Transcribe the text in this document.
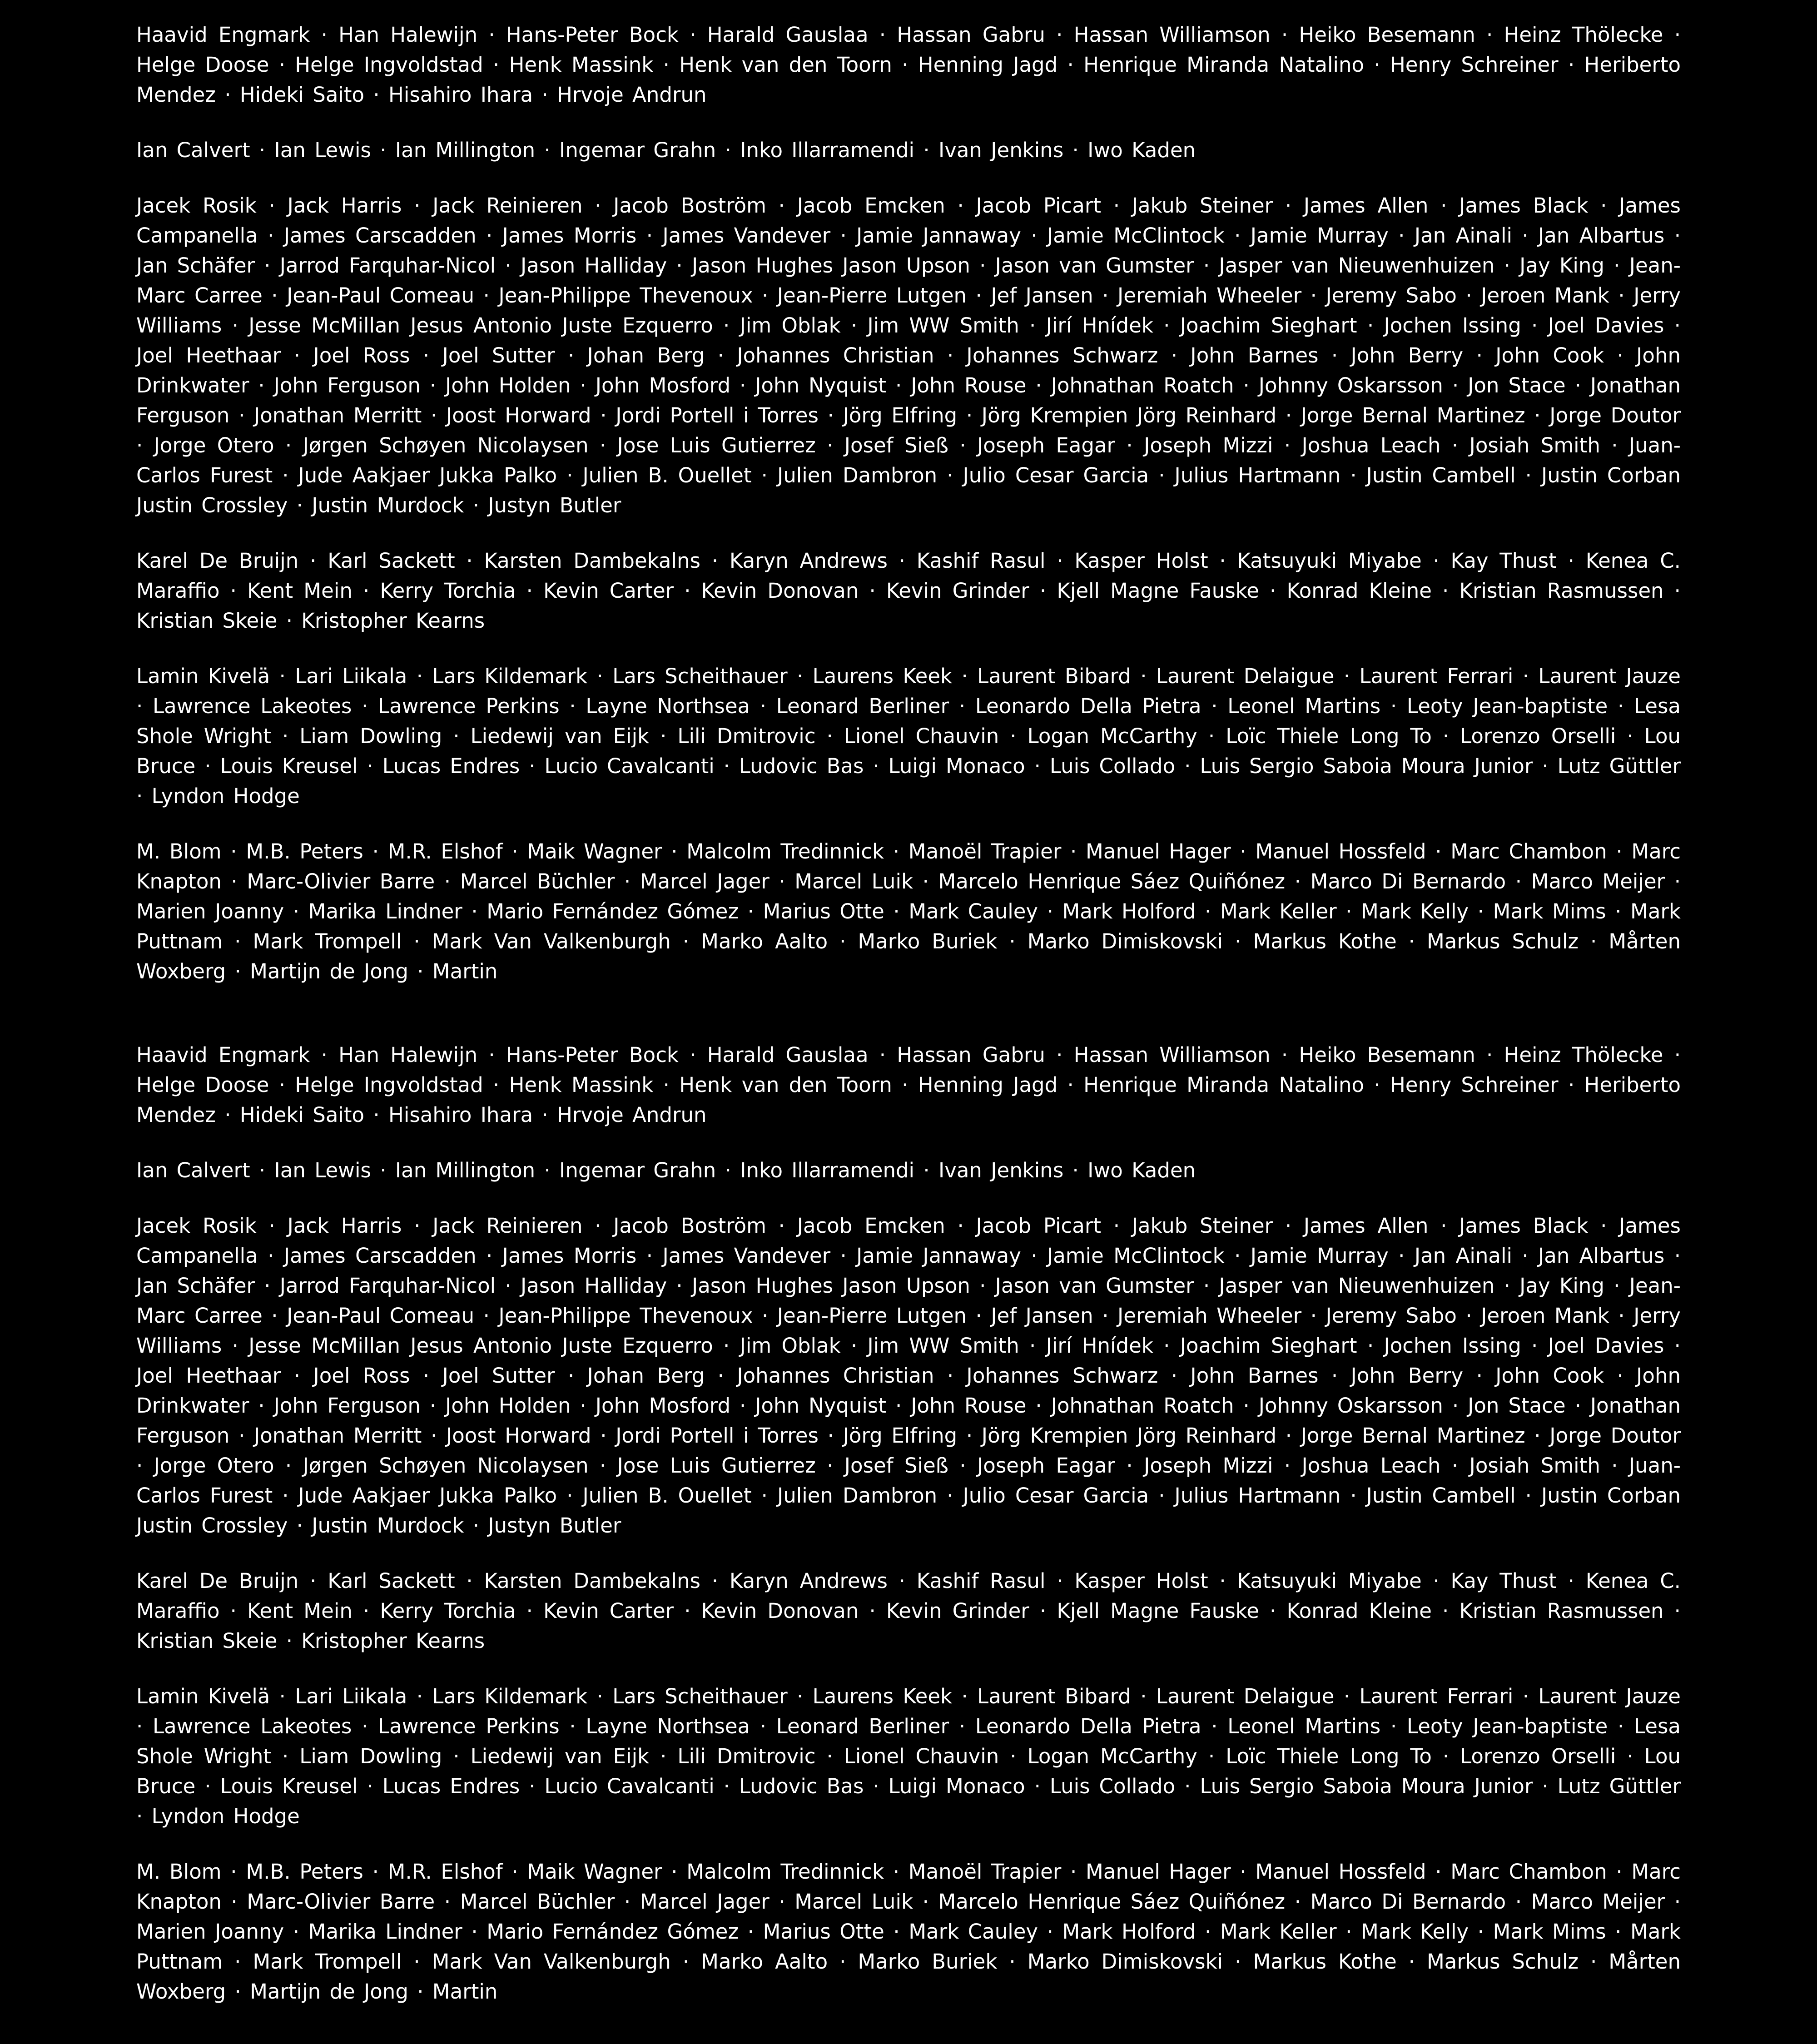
Haavid Engmark · Han Halewijn · Hans-Peter Bock · Harald Gauslaa · Hassan Gabru · Hassan Williamson · Heiko Besemann · Heinz Thölecke · Helge Doose · Helge Ingvoldstad · Henk Massink · Henk van den Toorn · Henning Jagd · Henrique Miranda Natalino · Henry Schreiner · Heriberto Mendez · Hideki Saito · Hisahiro Ihara · Hrvoje Andrun

Ian Calvert · Ian Lewis · Ian Millington · Ingemar Grahn · Inko Illarramendi · Ivan Jenkins · Iwo Kaden

Jacek Rosik · Jack Harris · Jack Reinieren · Jacob Boström · Jacob Emcken · Jacob Picart · Jakub Steiner · James Allen · James Black · James Campanella · James Carscadden · James Morris · James Vandever · Jamie Jannaway · Jamie McClintock · Jamie Murray · Jan Ainali · Jan Albartus · Jan Schäfer · Jarrod Farquhar-Nicol · Jason Halliday · Jason Hughes Jason Upson · Jason van Gumster · Jasper van Nieuwenhuizen · Jay King · Jean-Marc Carree · Jean-Paul Comeau · Jean-Philippe Thevenoux · Jean-Pierre Lutgen · Jef Jansen · Jeremiah Wheeler · Jeremy Sabo · Jeroen Mank · Jerry Williams · Jesse McMillan Jesus Antonio Juste Ezquerro · Jim Oblak · Jim WW Smith · Jirí Hnídek · Joachim Sieghart · Jochen Issing · Joel Davies · Joel Heethaar · Joel Ross · Joel Sutter · Johan Berg · Johannes Christian · Johannes Schwarz · John Barnes · John Berry · John Cook · John Drinkwater · John Ferguson · John Holden · John Mosford · John Nyquist · John Rouse · Johnathan Roatch · Johnny Oskarsson · Jon Stace · Jonathan Ferguson · Jonathan Merritt · Joost Horward · Jordi Portell i Torres · Jörg Elfring · Jörg Krempien Jörg Reinhard · Jorge Bernal Martinez · Jorge Doutor · Jorge Otero · Jørgen Schøyen Nicolaysen · Jose Luis Gutierrez · Josef Sieß · Joseph Eagar · Joseph Mizzi · Joshua Leach · Josiah Smith · Juan-Carlos Furest · Jude Aakjaer Jukka Palko · Julien B. Ouellet · Julien Dambron · Julio Cesar Garcia · Julius Hartmann · Justin Cambell · Justin Corban Justin Crossley · Justin Murdock · Justyn Butler

Karel De Bruijn · Karl Sackett · Karsten Dambekalns · Karyn Andrews · Kashif Rasul · Kasper Holst · Katsuyuki Miyabe · Kay Thust · Kenea C. Maraffio · Kent Mein · Kerry Torchia · Kevin Carter · Kevin Donovan · Kevin Grinder · Kjell Magne Fauske · Konrad Kleine · Kristian Rasmussen · Kristian Skeie · Kristopher Kearns

Lamin Kivelä · Lari Liikala · Lars Kildemark · Lars Scheithauer · Laurens Keek · Laurent Bibard · Laurent Delaigue · Laurent Ferrari · Laurent Jauze · Lawrence Lakeotes · Lawrence Perkins · Layne Northsea · Leonard Berliner · Leonardo Della Pietra · Leonel Martins · Leoty Jean-baptiste · Lesa Shole Wright · Liam Dowling · Liedewij van Eijk · Lili Dmitrovic · Lionel Chauvin · Logan McCarthy · Loïc Thiele Long To · Lorenzo Orselli · Lou Bruce · Louis Kreusel · Lucas Endres · Lucio Cavalcanti · Ludovic Bas · Luigi Monaco · Luis Collado · Luis Sergio Saboia Moura Junior · Lutz Güttler · Lyndon Hodge

M. Blom · M.B. Peters · M.R. Elshof · Maik Wagner · Malcolm Tredinnick · Manoël Trapier · Manuel Hager · Manuel Hossfeld · Marc Chambon · Marc Knapton · Marc-Olivier Barre · Marcel Büchler · Marcel Jager · Marcel Luik · Marcelo Henrique Sáez Quiñónez · Marco Di Bernardo · Marco Meijer · Marien Joanny · Marika Lindner · Mario Fernández Gómez · Marius Otte · Mark Cauley · Mark Holford · Mark Keller · Mark Kelly · Mark Mims · Mark Puttnam · Mark Trompell · Mark Van Valkenburgh · Marko Aalto · Marko Buriek · Marko Dimiskovski · Markus Kothe · Markus Schulz · Mårten Woxberg · Martijn de Jong · Martin

Haavid Engmark · Han Halewijn · Hans-Peter Bock · Harald Gauslaa · Hassan Gabru · Hassan Williamson · Heiko Besemann · Heinz Thölecke · Helge Doose · Helge Ingvoldstad · Henk Massink · Henk van den Toorn · Henning Jagd · Henrique Miranda Natalino · Henry Schreiner · Heriberto Mendez · Hideki Saito · Hisahiro Ihara · Hrvoje Andrun

Ian Calvert · Ian Lewis · Ian Millington · Ingemar Grahn · Inko Illarramendi · Ivan Jenkins · Iwo Kaden

Jacek Rosik · Jack Harris · Jack Reinieren · Jacob Boström · Jacob Emcken · Jacob Picart · Jakub Steiner · James Allen · James Black · James Campanella · James Carscadden · James Morris · James Vandever · Jamie Jannaway · Jamie McClintock · Jamie Murray · Jan Ainali · Jan Albartus · Jan Schäfer · Jarrod Farquhar-Nicol · Jason Halliday · Jason Hughes Jason Upson · Jason van Gumster · Jasper van Nieuwenhuizen · Jay King · Jean-Marc Carree · Jean-Paul Comeau · Jean-Philippe Thevenoux · Jean-Pierre Lutgen · Jef Jansen · Jeremiah Wheeler · Jeremy Sabo · Jeroen Mank · Jerry Williams · Jesse McMillan Jesus Antonio Juste Ezquerro · Jim Oblak · Jim WW Smith · Jirí Hnídek · Joachim Sieghart · Jochen Issing · Joel Davies · Joel Heethaar · Joel Ross · Joel Sutter · Johan Berg · Johannes Christian · Johannes Schwarz · John Barnes · John Berry · John Cook · John Drinkwater · John Ferguson · John Holden · John Mosford · John Nyquist · John Rouse · Johnathan Roatch · Johnny Oskarsson · Jon Stace · Jonathan Ferguson · Jonathan Merritt · Joost Horward · Jordi Portell i Torres · Jörg Elfring · Jörg Krempien Jörg Reinhard · Jorge Bernal Martinez · Jorge Doutor · Jorge Otero · Jørgen Schøyen Nicolaysen · Jose Luis Gutierrez · Josef Sieß · Joseph Eagar · Joseph Mizzi · Joshua Leach · Josiah Smith · Juan-Carlos Furest · Jude Aakjaer Jukka Palko · Julien B. Ouellet · Julien Dambron · Julio Cesar Garcia · Julius Hartmann · Justin Cambell · Justin Corban Justin Crossley · Justin Murdock · Justyn Butler

Karel De Bruijn · Karl Sackett · Karsten Dambekalns · Karyn Andrews · Kashif Rasul · Kasper Holst · Katsuyuki Miyabe · Kay Thust · Kenea C. Maraffio · Kent Mein · Kerry Torchia · Kevin Carter · Kevin Donovan · Kevin Grinder · Kjell Magne Fauske · Konrad Kleine · Kristian Rasmussen · Kristian Skeie · Kristopher Kearns

Lamin Kivelä · Lari Liikala · Lars Kildemark · Lars Scheithauer · Laurens Keek · Laurent Bibard · Laurent Delaigue · Laurent Ferrari · Laurent Jauze · Lawrence Lakeotes · Lawrence Perkins · Layne Northsea · Leonard Berliner · Leonardo Della Pietra · Leonel Martins · Leoty Jean-baptiste · Lesa Shole Wright · Liam Dowling · Liedewij van Eijk · Lili Dmitrovic · Lionel Chauvin · Logan McCarthy · Loïc Thiele Long To · Lorenzo Orselli · Lou Bruce · Louis Kreusel · Lucas Endres · Lucio Cavalcanti · Ludovic Bas · Luigi Monaco · Luis Collado · Luis Sergio Saboia Moura Junior · Lutz Güttler · Lyndon Hodge

M. Blom · M.B. Peters · M.R. Elshof · Maik Wagner · Malcolm Tredinnick · Manoël Trapier · Manuel Hager · Manuel Hossfeld · Marc Chambon · Marc Knapton · Marc-Olivier Barre · Marcel Büchler · Marcel Jager · Marcel Luik · Marcelo Henrique Sáez Quiñónez · Marco Di Bernardo · Marco Meijer · Marien Joanny · Marika Lindner · Mario Fernández Gómez · Marius Otte · Mark Cauley · Mark Holford · Mark Keller · Mark Kelly · Mark Mims · Mark Puttnam · Mark Trompell · Mark Van Valkenburgh · Marko Aalto · Marko Buriek · Marko Dimiskovski · Markus Kothe · Markus Schulz · Mårten Woxberg · Martijn de Jong · Martin
